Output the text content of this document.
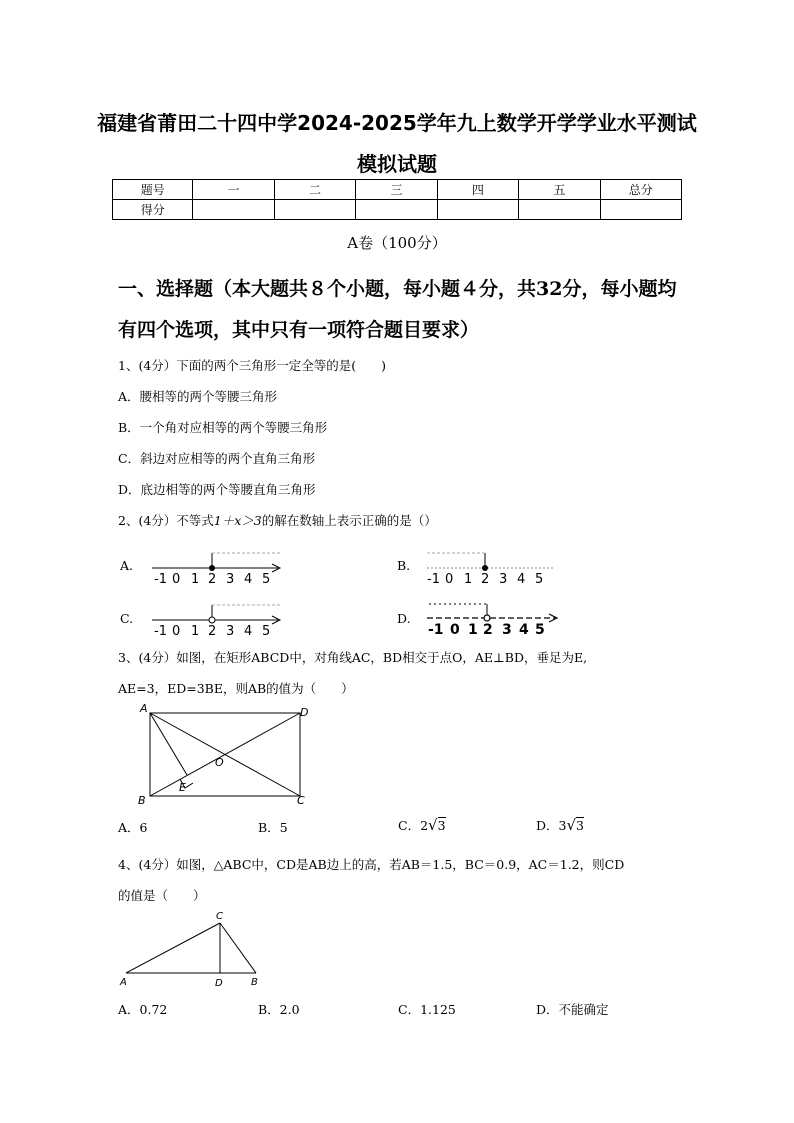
福建省莆田二十四中学2024-2025学年九上数学开学学业水平测试
模拟试题
题号	一	二	三	四	五	总分
得分						
A卷（100分）
一、选择题（本大题共８个小题，每小题４分，共32分，每小题均
有四个选项，其中只有一项符合题目要求）
1、(4分）下面的两个三角形一定全等的是(　　)
A．腰相等的两个等腰三角形
B．一个角对应相等的两个等腰三角形
C．斜边对应相等的两个直角三角形
D．底边相等的两个等腰直角三角形
2、(4分）不等式1＋x＞3的解在数轴上表示正确的是（）
A.	B.
C.	D.
-1 0 1 2 3 4 5	-1 0 1 2 3 4 5
-1 0 1 2 3 4 5	-1 0 1 2 3 4 5
3、(4分）如图，在矩形ABCD中，对角线AC，BD相交于点O，AE⊥BD，垂足为E,
AE=3，ED=3BE，则AB的值为（　　）
A
B	C
D
O
E
A．6	B．5	C．2√3	D．3√3
4、(4分）如图，△ABC中，CD是AB边上的高，若AB＝1.5，BC＝0.9，AC＝1.2，则CD
的值是（　　）
C
A	D	B
A．0.72	B．2.0	C．1.125	D．不能确定
